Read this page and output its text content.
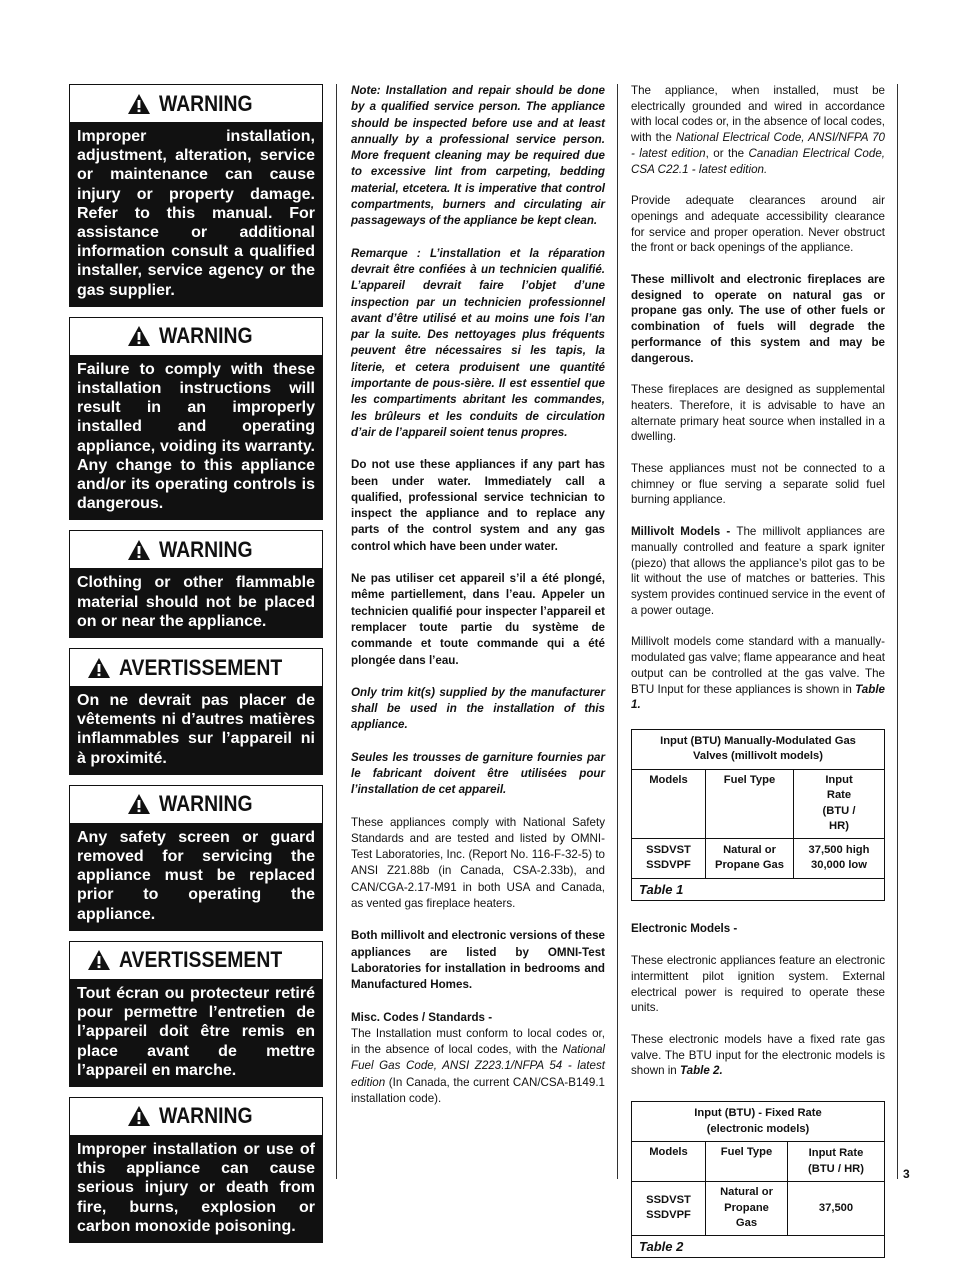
WARNING
Improper installation, adjustment, alteration, service or maintenance can cause injury or property damage. Refer to this manual. For assistance or additional information consult a qualified installer, service agency or the gas supplier.
WARNING
Failure to comply with these installation instructions will result in an improperly installed and operating appliance, voiding its warranty. Any change to this appliance and/or its operating controls is dangerous.
WARNING
Clothing or other flammable material should not be placed on or near the appliance.
AVERTISSEMENT
On ne devrait pas placer de vêtements ni d’autres matières inflammables sur l’appareil ni à proximité.
WARNING
Any safety screen or guard removed for servicing the appliance must be replaced prior to operating the appliance.
AVERTISSEMENT
Tout écran ou protecteur retiré pour permettre l’entretien de l’appareil doit être remis en place avant de mettre l’appareil en marche.
WARNING
Improper installation or use of this appliance can cause serious injury or death from fire, burns, explosion or carbon monoxide poisoning.

Note: Installation and repair should be done by a qualified service person. The appliance should be inspected before use and at least annually by a professional service person. More frequent cleaning may be required due to excessive lint from carpeting, bedding material, etcetera. It is imperative that control compartments, burners and circulating air passageways of the appliance be kept clean.

Remarque : L’installation et la réparation devrait être confiées à un technicien qualifié. L’appareil devrait faire l’objet d’une inspection par un technicien professionnel avant d’être utilisé et au moins une fois l’an par la suite. Des nettoyages plus fréquents peuvent être nécessaires si les tapis, la literie, et cetera produisent une quantité importante de pous-sière. Il est essentiel que les compartiments abritant les commandes, les brûleurs et les conduits de circulation d’air de l’appareil soient tenus propres.

Do not use these appliances if any part has been under water. Immediately call a qualified, professional service technician to inspect the appliance and to replace any parts of the control system and any gas control which have been under water.

Ne pas utiliser cet appareil s’il a été plongé, même partiellement, dans l’eau. Appeler un technicien qualifié pour inspecter l’appareil et remplacer toute partie du système de commande et toute commande qui a été plongée dans l’eau.

Only trim kit(s) supplied by the manufacturer shall be used in the installation of this appliance.

Seules les trousses de garniture fournies par le fabricant doivent être utilisées pour l’installation de cet appareil.

These appliances comply with National Safety Standards and are tested and listed by OMNI-Test Laboratories, Inc. (Report No. 116-F-32-5) to ANSI Z21.88b (in Canada, CSA-2.33b), and CAN/CGA-2.17-M91 in both USA and Canada, as vented gas fireplace heaters.

Both millivolt and electronic versions of these appliances are listed by OMNI-Test Laboratories for installation in bedrooms and Manufactured Homes.

Misc. Codes / Standards -

The Installation must conform to local codes or, in the absence of local codes, with the National Fuel Gas Code, ANSI Z223.1/NFPA 54 - latest edition (In Canada, the current CAN/CSA-B149.1 installation code).

The appliance, when installed, must be electrically grounded and wired in accordance with local codes or, in the absence of local codes, with the National Electrical Code, ANSI/NFPA 70 - latest edition, or the Canadian Electrical Code, CSA C22.1 - latest edition.

Provide adequate clearances around air openings and adequate accessibility clearance for service and proper operation. Never obstruct the front or back openings of the appliance.

These millivolt and electronic fireplaces are designed to operate on natural gas or propane gas only. The use of other fuels or combination of fuels will degrade the performance of this system and may be dangerous.

These fireplaces are designed as supplemental heaters. Therefore, it is advisable to have an alternate primary heat source when installed in a dwelling.

These appliances must not be connected to a chimney or flue serving a separate solid fuel burning appliance.

Millivolt Models - The millivolt appliances are manually controlled and feature a spark igniter (piezo) that allows the appliance’s pilot gas to be lit without the use of matches or batteries. This system provides continued service in the event of a power outage.

Millivolt models come standard with a manually-modulated gas valve; flame appearance and heat output can be controlled at the gas valve. The BTU Input for these appliances is shown in Table 1.

Input (BTU) Manually-Modulated Gas Valves (millivolt models)		
Models	Fuel Type	Input Rate (BTU / HR)
SSDVST SSDVPF	Natural or Propane Gas	37,500 high 30,000 low
Table 1		

Electronic Models -

These electronic appliances feature an electronic intermittent pilot ignition system. External electrical power is required to operate these units.

These electronic models have a fixed rate gas valve. The BTU input for the electronic models is shown in Table 2.

Input (BTU) - Fixed Rate (electronic models)		
Models	Fuel Type	Input Rate (BTU / HR)
SSDVST SSDVPF	Natural or Propane Gas	37,500
Table 2		
3
